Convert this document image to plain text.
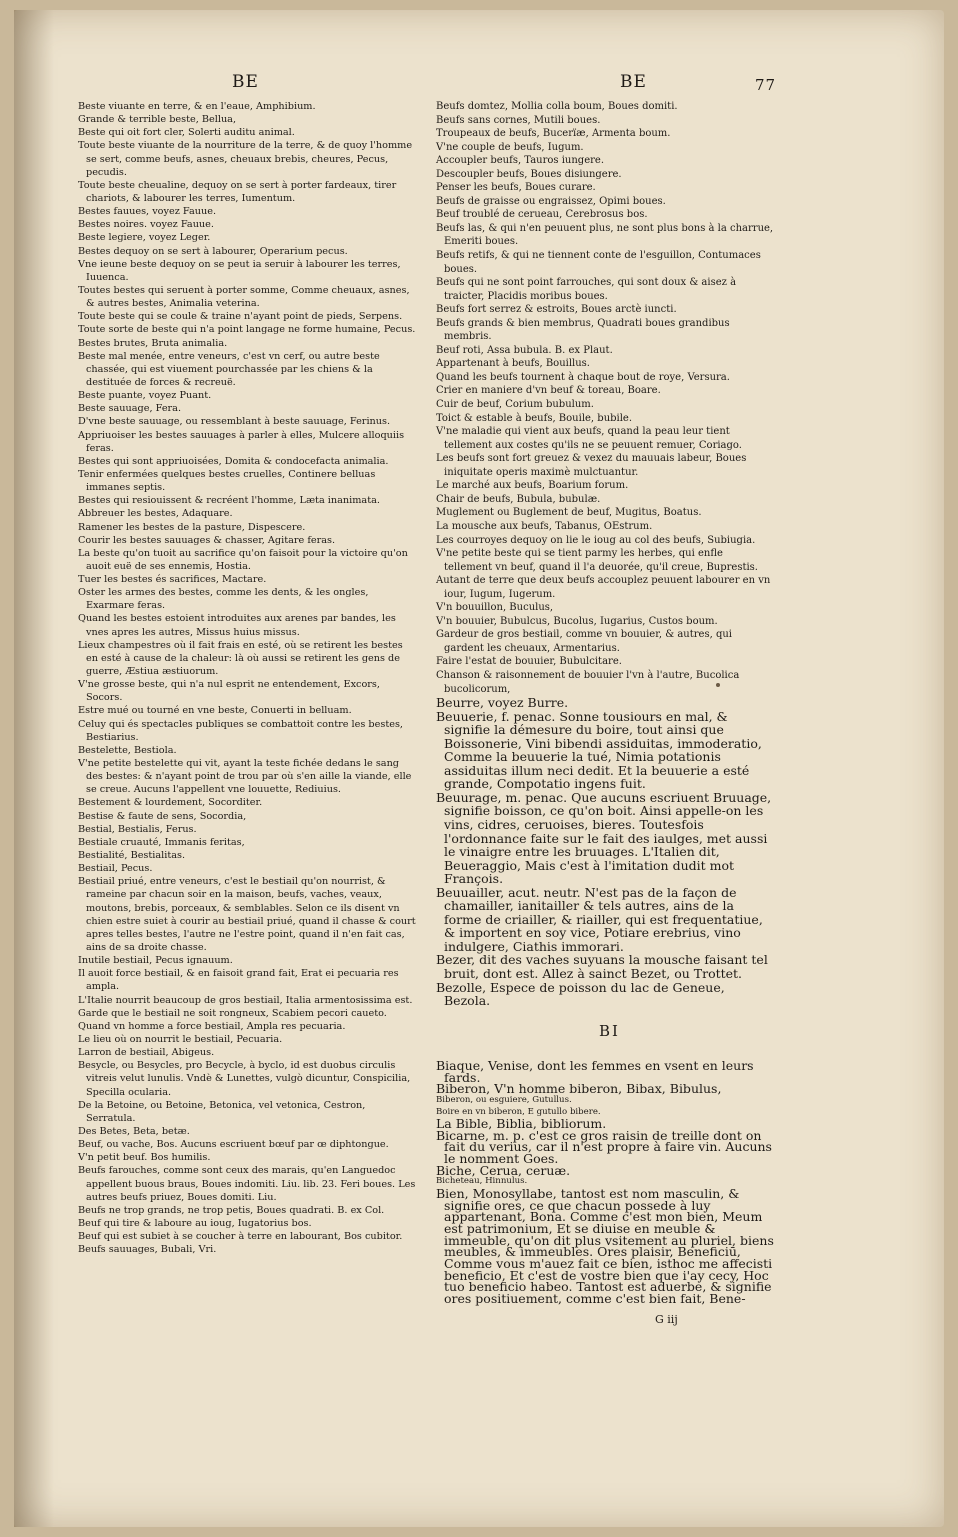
BE	BE	77

Beste viuante en terre, & en l'eaue, Amphibium.

Grande & terrible beste, Bellua,

Beste qui oit fort cler, Solerti auditu animal.

Toute beste viuante de la nourriture de la terre, & de quoy l'homme se sert, comme beufs, asnes, cheuaux brebis, cheures, Pecus, pecudis.

Toute beste cheualine, dequoy on se sert à porter fardeaux, tirer chariots, & labourer les terres, Iumentum.

Bestes fauues, voyez Fauue.

Bestes noires. voyez Fauue.

Beste legiere, voyez Leger.

Bestes dequoy on se sert à labourer, Operarium pecus.

Vne ieune beste dequoy on se peut ia seruir à labourer les terres, Iuuenca.

Toutes bestes qui seruent à porter somme, Comme cheuaux, asnes, & autres bestes, Animalia veterina.

Toute beste qui se coule & traine n'ayant point de pieds, Serpens.

Toute sorte de beste qui n'a point langage ne forme humaine, Pecus.

Bestes brutes, Bruta animalia.

Beste mal menée, entre veneurs, c'est vn cerf, ou autre beste chassée, qui est viuement pourchassée par les chiens & la destituée de forces & recreuë.

Beste puante, voyez Puant.

Beste sauuage, Fera.

D'vne beste sauuage, ou ressemblant à beste sauuage, Ferinus.

Appriuoiser les bestes sauuages à parler à elles, Mulcere alloquiis feras.

Bestes qui sont appriuoisées, Domita & condocefacta animalia.

Tenir enfermées quelques bestes cruelles, Continere belluas immanes septis.

Bestes qui resiouissent & recréent l'homme, Læta inanimata.

Abbreuer les bestes, Adaquare.

Ramener les bestes de la pasture, Dispescere.

Courir les bestes sauuages & chasser, Agitare feras.

La beste qu'on tuoit au sacrifice qu'on faisoit pour la victoire qu'on auoit euë de ses ennemis, Hostia.

Tuer les bestes és sacrifices, Mactare.

Oster les armes des bestes, comme les dents, & les ongles, Exarmare feras.

Quand les bestes estoient introduites aux arenes par bandes, les vnes apres les autres, Missus huius missus.

Lieux champestres où il fait frais en esté, où se retirent les bestes en esté à cause de la chaleur: là où aussi se retirent les gens de guerre, Æstiua æstiuorum.

V'ne grosse beste, qui n'a nul esprit ne entendement, Excors, Socors.

Estre mué ou tourné en vne beste, Conuerti in belluam.

Celuy qui és spectacles publiques se combattoit contre les bestes, Bestiarius.

Bestelette, Bestiola.

V'ne petite bestelette qui vit, ayant la teste fichée dedans le sang des bestes: & n'ayant point de trou par où s'en aille la viande, elle se creue. Aucuns l'appellent vne louuette, Rediuius.

Bestement & lourdement, Socorditer.

Bestise & faute de sens, Socordia,

Bestial, Bestialis, Ferus.

Bestiale cruauté, Immanis feritas,

Bestialité, Bestialitas.

Bestiail, Pecus.

Bestiail priué, entre veneurs, c'est le bestiail qu'on nourrist, & rameine par chacun soir en la maison, beufs, vaches, veaux, moutons, brebis, porceaux, & semblables. Selon ce ils disent vn chien estre suiet à courir au bestiail priué, quand il chasse & court apres telles bestes, l'autre ne l'estre point, quand il n'en fait cas, ains de sa droite chasse.

Inutile bestiail, Pecus ignauum.

Il auoit force bestiail, & en faisoit grand fait, Erat ei pecuaria res ampla.

L'Italie nourrit beaucoup de gros bestiail, Italia armentosissima est.

Garde que le bestiail ne soit rongneux, Scabiem pecori caueto.

Quand vn homme a force bestiail, Ampla res pecuaria.

Le lieu où on nourrit le bestiail, Pecuaria.

Larron de bestiail, Abigeus.

Besycle, ou Besycles, pro Becycle, à byclo, id est duobus circulis vitreis velut lunulis. Vndè & Lunettes, vulgò dicuntur, Conspicilia, Specilla ocularia.

De la Betoine, ou Betoine, Betonica, vel vetonica, Cestron, Serratula.

Des Betes, Beta, betæ.

Beuf, ou vache, Bos. Aucuns escriuent bœuf par œ diphtongue.

V'n petit beuf. Bos humilis.

Beufs farouches, comme sont ceux des marais, qu'en Languedoc appellent buous braus, Boues indomiti. Liu. lib. 23. Feri boues. Les autres beufs priuez, Boues domiti. Liu.

Beufs ne trop grands, ne trop petis, Boues quadrati. B. ex Col.

Beuf qui tire & laboure au ioug, Iugatorius bos.

Beuf qui est subiet à se coucher à terre en labourant, Bos cubitor.

Beufs sauuages, Bubali, Vri.

Beufs domtez, Mollia colla boum, Boues domiti.

Beufs sans cornes, Mutili boues.

Troupeaux de beufs, Bucerïæ, Armenta boum.

V'ne couple de beufs, Iugum.

Accoupler beufs, Tauros iungere.

Descoupler beufs, Boues disiungere.

Penser les beufs, Boues curare.

Beufs de graisse ou engraissez, Opimi boues.

Beuf troublé de cerueau, Cerebrosus bos.

Beufs las, & qui n'en peuuent plus, ne sont plus bons à la charrue, Emeriti boues.

Beufs retifs, & qui ne tiennent conte de l'esguillon, Contumaces boues.

Beufs qui ne sont point farrouches, qui sont doux & aisez à traicter, Placidis moribus boues.

Beufs fort serrez & estroits, Boues arctè iuncti.

Beufs grands & bien membrus, Quadrati boues grandibus membris.

Beuf roti, Assa bubula. B. ex Plaut.

Appartenant à beufs, Bouillus.

Quand les beufs tournent à chaque bout de roye, Versura.

Crier en maniere d'vn beuf & toreau, Boare.

Cuir de beuf, Corium bubulum.

Toict & estable à beufs, Bouile, bubile.

V'ne maladie qui vient aux beufs, quand la peau leur tient tellement aux costes qu'ils ne se peuuent remuer, Coriago.

Les beufs sont fort greuez & vexez du mauuais labeur, Boues iniquitate operis maximè mulctuantur.

Le marché aux beufs, Boarium forum.

Chair de beufs, Bubula, bubulæ.

Muglement ou Buglement de beuf, Mugitus, Boatus.

La mousche aux beufs, Tabanus, OEstrum.

Les courroyes dequoy on lie le ioug au col des beufs, Subiugia.

V'ne petite beste qui se tient parmy les herbes, qui enfle tellement vn beuf, quand il l'a deuorée, qu'il creue, Buprestis.

Autant de terre que deux beufs accouplez peuuent labourer en vn iour, Iugum, Iugerum.

V'n bouuillon, Buculus,

V'n bouuier, Bubulcus, Bucolus, Iugarius, Custos boum.

Gardeur de gros bestiail, comme vn bouuier, & autres, qui gardent les cheuaux, Armentarius.

Faire l'estat de bouuier, Bubulcitare.

Chanson & raisonnement de bouuier l'vn à l'autre, Bucolica bucolicorum,

Beurre, voyez Burre.

Beuuerie, f. penac. Sonne tousiours en mal, & signifie la démesure du boire, tout ainsi que Boissonerie, Vini bibendi assiduitas, immoderatio, Comme la beuuerie la tué, Nimia potationis assiduitas illum neci dedit. Et la beuuerie a esté grande, Compotatio ingens fuit.

Beuurage, m. penac. Que aucuns escriuent Bruuage, signifie boisson, ce qu'on boit. Ainsi appelle-on les vins, cidres, ceruoises, bieres. Toutesfois l'ordonnance faite sur le fait des iaulges, met aussi le vinaigre entre les bruuages. L'Italien dit, Beueraggio, Mais c'est à l'imitation dudit mot François.

Beuuailler, acut. neutr. N'est pas de la façon de chamailler, ianitailler & tels autres, ains de la forme de criailler, & riailler, qui est frequentatiue, & importent en soy vice, Potiare erebrius, vino indulgere, Ciathis immorari.

Bezer, dit des vaches suyuans la mousche faisant tel bruit, dont est. Allez à sainct Bezet, ou Trottet.

Bezolle, Espece de poisson du lac de Geneue, Bezola.

BI

Biaque, Venise, dont les femmes en vsent en leurs fards.

Biberon, V'n homme biberon, Bibax, Bibulus,

Biberon, ou esguiere, Gutullus.

Boire en vn biberon, E gutullo bibere.

La Bible, Biblia, bibliorum.

Bicarne, m. p. c'est ce gros raisin de treille dont on fait du verius, car il n'est propre à faire vin. Aucuns le nomment Goes.

Biche, Cerua, ceruæ.

Bicheteau, Hinnulus.

Bien, Monosyllabe, tantost est nom masculin, & signifie ores, ce que chacun possede à luy appartenant, Bona. Comme c'est mon bien, Meum est patrimonium, Et se diuise en meuble & immeuble, qu'on dit plus vsitement au pluriel, biens meubles, & immeubles. Ores plaisir, Beneficiū, Comme vous m'auez fait ce bien, isthoc me affecisti beneficio, Et c'est de vostre bien que i'ay cecy, Hoc tuo beneficio habeo. Tantost est aduerbe, & signifie ores positiuement, comme c'est bien fait, Bene-

G iij
